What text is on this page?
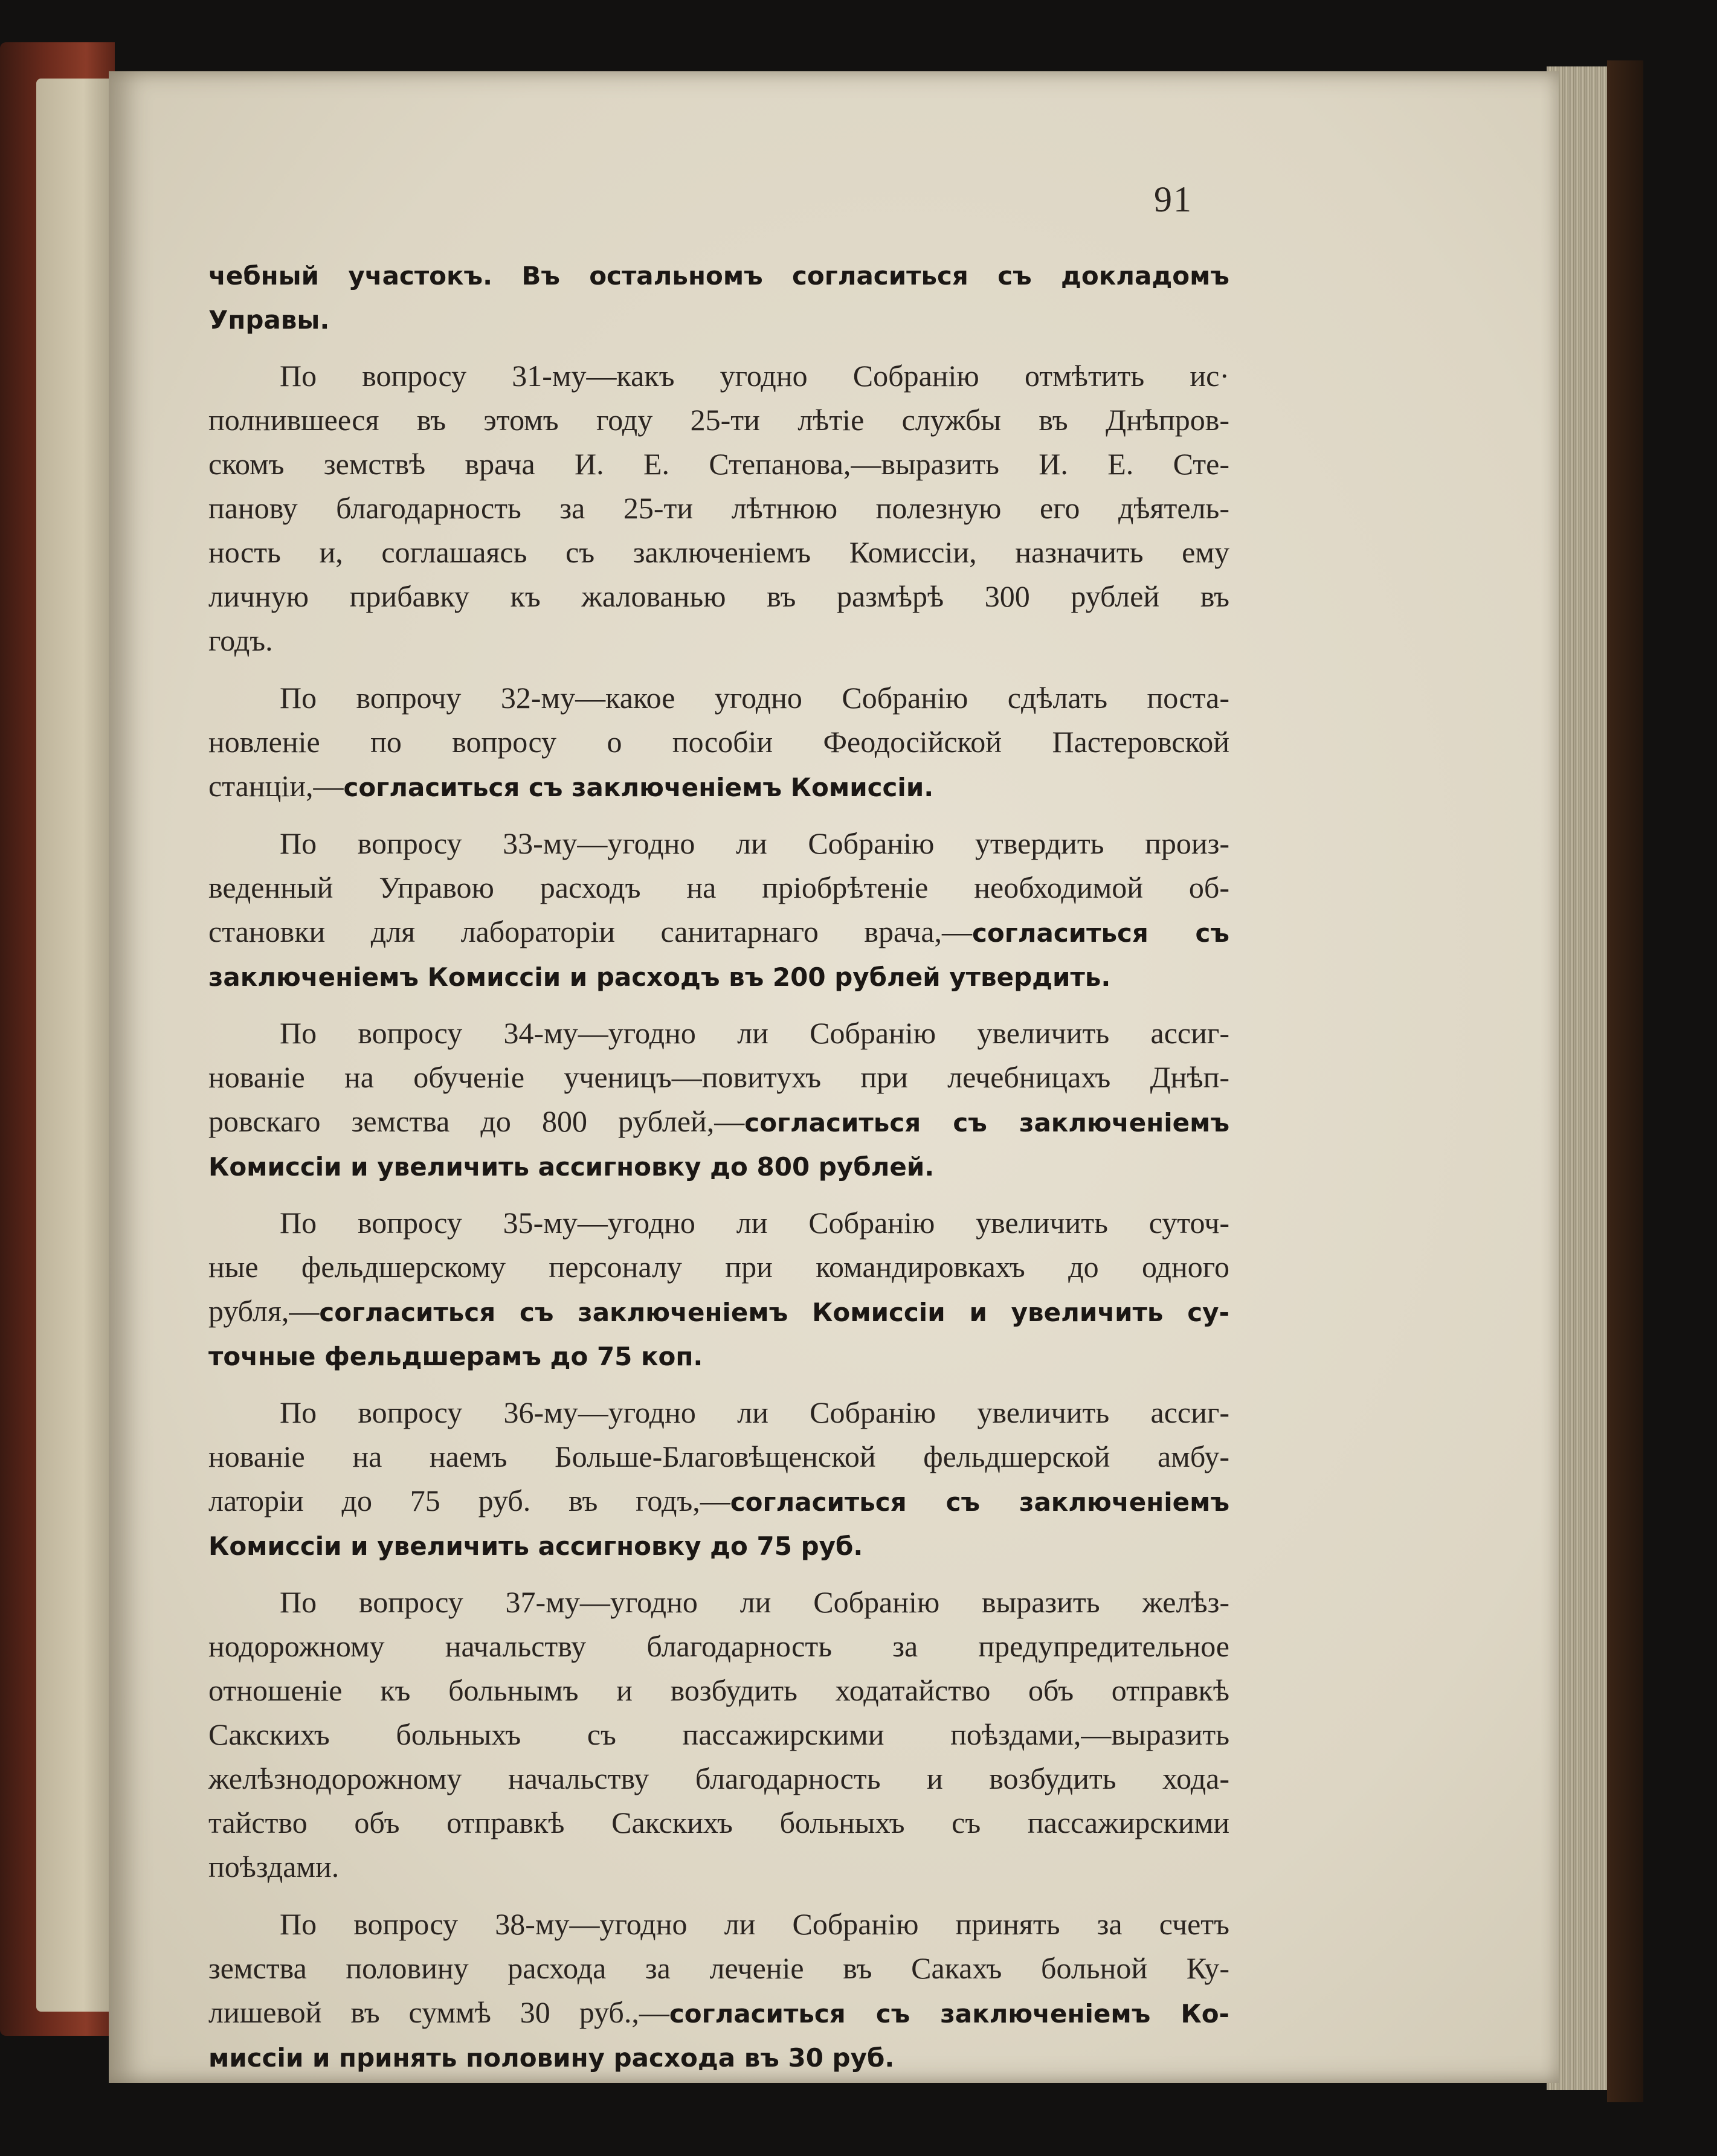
91
чебный участокъ. Въ остальномъ согласиться съ докладомъ
Управы.
По вопросу 31-му—какъ угодно Собранію отмѣтить ис·
полнившееся въ этомъ году 25-ти лѣтіе службы въ Днѣпров-
скомъ земствѣ врача И. Е. Степанова,—выразить И. Е. Сте-
панову благодарность за 25-ти лѣтнюю полезную его дѣятель-
ность и, соглашаясь съ заключеніемъ Комиссіи, назначить ему
личную прибавку къ жалованью въ размѣрѣ 300 рублей въ
годъ.
По вопрочу 32-му—какое угодно Собранію сдѣлать поста-
новленіе по вопросу о пособіи Феодосійской Пастеровской
станціи,—согласиться съ заключеніемъ Комиссіи.
По вопросу 33-му—угодно ли Собранію утвердить произ-
веденный Управою расходъ на пріобрѣтеніе необходимой об-
становки для лабораторіи санитарнаго врача,—согласиться съ
заключеніемъ Комиссіи и расходъ въ 200 рублей утвердить.
По вопросу 34-му—угодно ли Собранію увеличить ассиг-
нованіе на обученіе ученицъ—повитухъ при лечебницахъ Днѣп-
ровскаго земства до 800 рублей,—согласиться съ заключеніемъ
Комиссіи и увеличить ассигновку до 800 рублей.
По вопросу 35-му—угодно ли Собранію увеличить суточ-
ные фельдшерскому персоналу при командировкахъ до одного
рубля,—согласиться съ заключеніемъ Комиссіи и увеличить су-
точные фельдшерамъ до 75 коп.
По вопросу 36-му—угодно ли Собранію увеличить ассиг-
нованіе на наемъ Больше-Благовѣщенской фельдшерской амбу-
латоріи до 75 руб. въ годъ,—согласиться съ заключеніемъ
Комиссіи и увеличить ассигновку до 75 руб.
По вопросу 37-му—угодно ли Собранію выразить желѣз-
нодорожному начальству благодарность за предупредительное
отношеніе къ больнымъ и возбудить ходатайство объ отправкѣ
Сакскихъ больныхъ съ пассажирскими поѣздами,—выразить
желѣзнодорожному начальству благодарность и возбудить хода-
тайство объ отправкѣ Сакскихъ больныхъ съ пассажирскими
поѣздами.
По вопросу 38-му—угодно ли Собранію принять за счетъ
земства половину расхода за леченіе въ Сакахъ больной Ку-
лишевой въ суммѣ 30 руб.,—согласиться съ заключеніемъ Ко-
миссіи и принять половину расхода въ 30 руб.
